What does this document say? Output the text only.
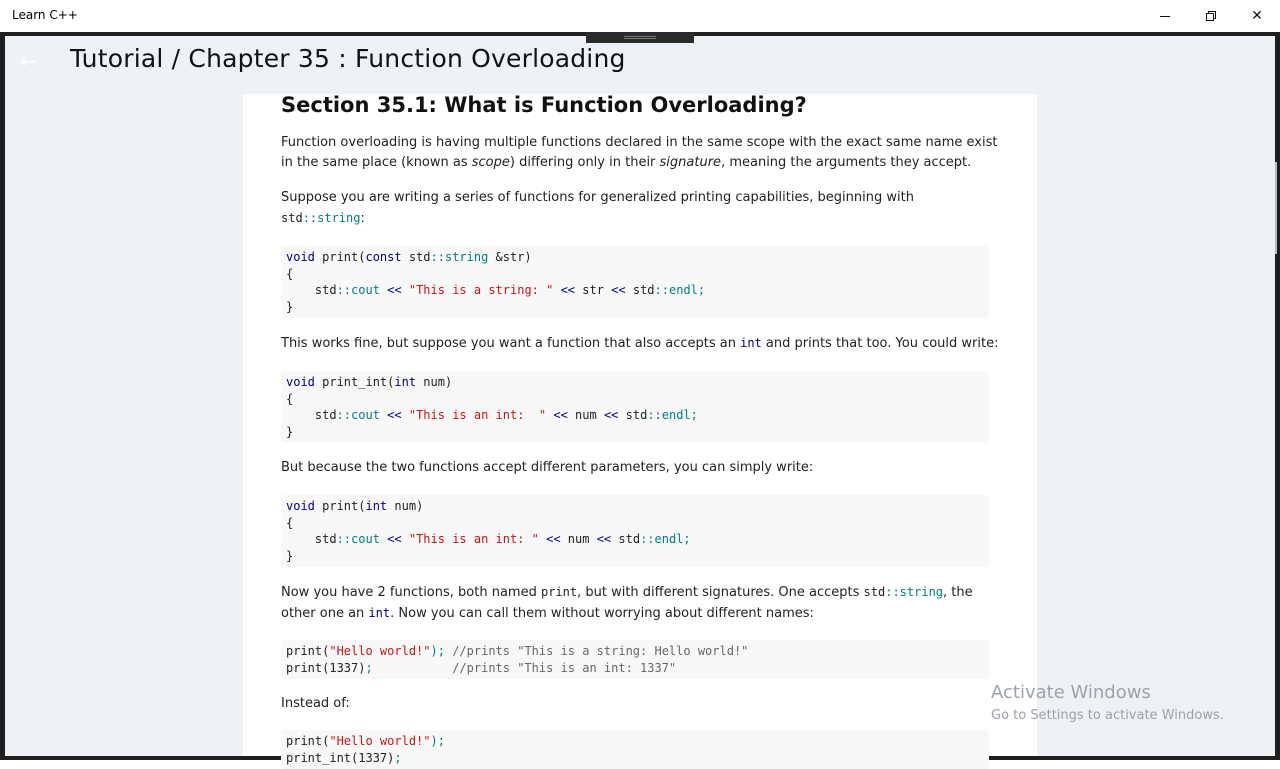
Learn C++	✕
← Tutorial / Chapter 35 : Function Overloading
Section 35.1: What is Function Overloading?

Function overloading is having multiple functions declared in the same scope with the exact same name exist in the same place (known as scope) differing only in their signature, meaning the arguments they accept.

Suppose you are writing a series of functions for generalized printing capabilities, beginning with std::string:

void print(const std::string &str)
{
std::cout << "This is a string: " << str << std::endl;
}

This works fine, but suppose you want a function that also accepts an int and prints that too. You could write:

void print_int(int num)
{
std::cout << "This is an int:  " << num << std::endl;
}

But because the two functions accept different parameters, you can simply write:

void print(int num)
{
std::cout << "This is an int: " << num << std::endl;
}

Now you have 2 functions, both named print, but with different signatures. One accepts std::string, the other one an int. Now you can call them without worrying about different names:

print("Hello world!"); //prints "This is a string: Hello world!"
print(1337);           //prints "This is an int: 1337"

Instead of:

print("Hello world!");
print_int(1337);
Activate Windows
Go to Settings to activate Windows.
